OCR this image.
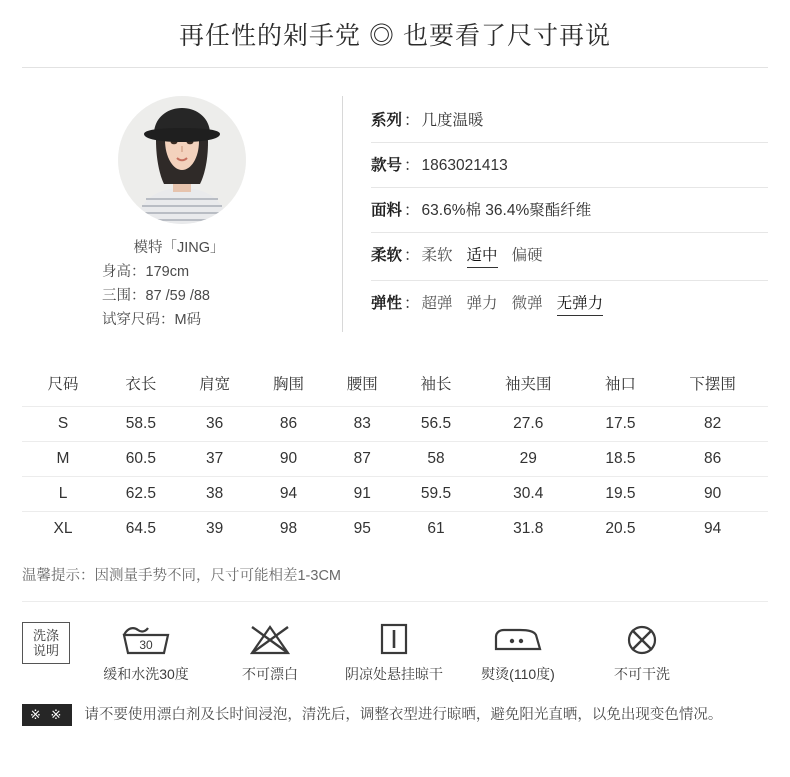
再任性的剁手党 ◎ 也要看了尺寸再说
模特「JING」
身高：179cm
三围：87 /59 /88
试穿尺码：M码
系列 ： 几度温暖
款号 ： 1863021413
面料 ： 63.6%棉 36.4%聚酯纤维
柔软 ： 柔软 适中 偏硬
弹性 ： 超弹 弹力 微弹 无弹力
尺码	衣长	肩宽	胸围	腰围	袖长	袖夹围	袖口	下摆围
S	58.5	36	86	83	56.5	27.6	17.5	82
M	60.5	37	90	87	58	29	18.5	86
L	62.5	38	94	91	59.5	30.4	19.5	90
XL	64.5	39	98	95	61	31.8	20.5	94
温馨提示：因测量手势不同，尺寸可能相差1-3CM
洗涤
说明	30
缓和水洗30度	不可漂白	阴凉处悬挂晾干	熨烫(110度)	不可干洗
※ ※	请不要使用漂白剂及长时间浸泡，清洗后，调整衣型进行晾晒，避免阳光直晒，以免出现变色情况。
